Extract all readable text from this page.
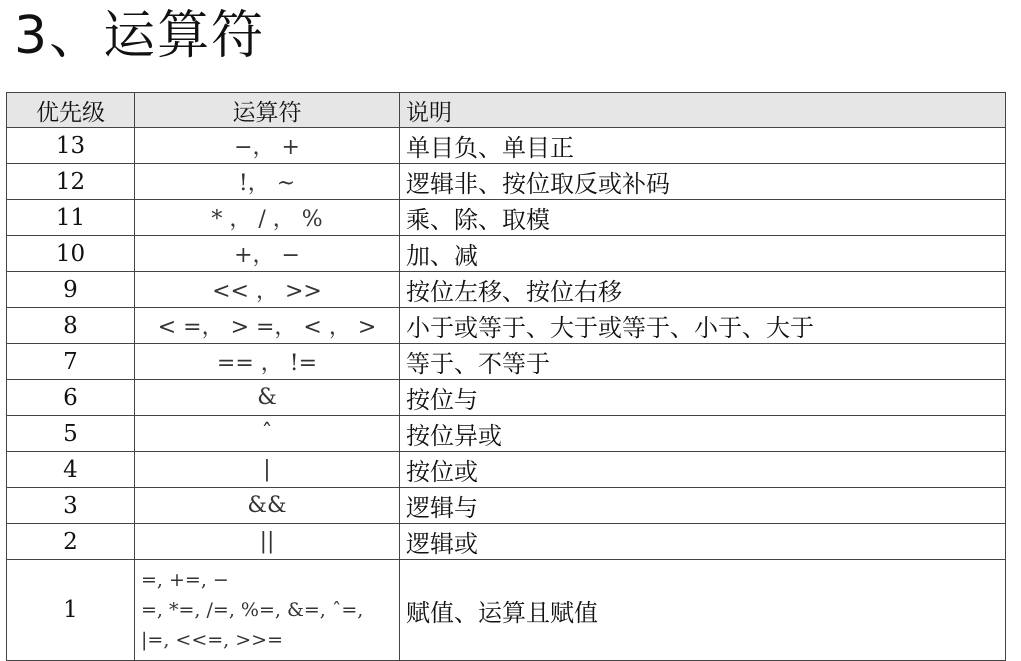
3、运算符
优先级	运算符	说明
13	−， +	单目负、单目正
12	!， ~	逻辑非、按位取反或补码
11	* ， / ， %	乘、除、取模
10	+， −	加、减
9	<< ， >>	按位左移、按位右移
8	< =， > =， < ， >	小于或等于、大于或等于、小于、大于
7	== ， !=	等于、不等于
6	&	按位与
5	ˆ	按位异或
4	|	按位或
3	&&	逻辑与
2	||	逻辑或
1	=, +=, −
=, *=, /=, %=, &=, ˆ=,
|=, <<=, >>=	赋值、运算且赋值
